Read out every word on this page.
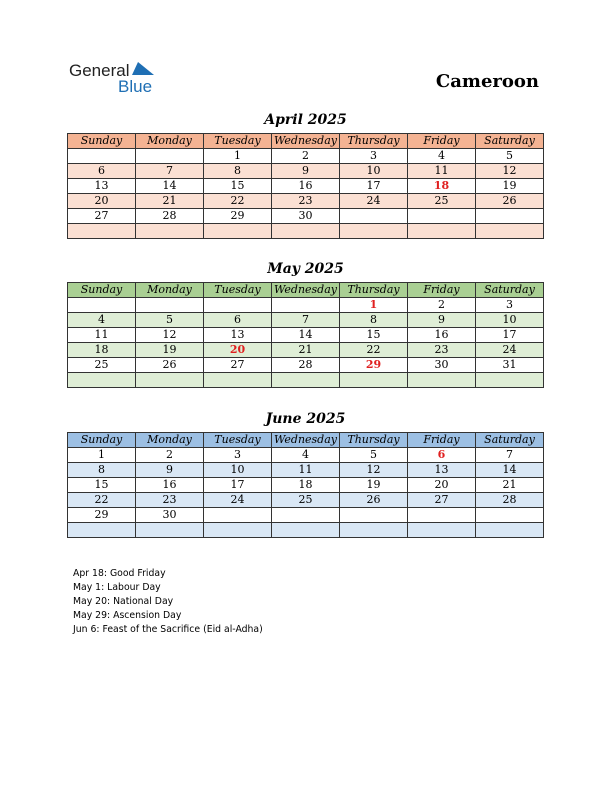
General
Blue	Cameroon
April 2025
Sunday	Monday	Tuesday	Wednesday	Thursday	Friday	Saturday
		1	2	3	4	5
6	7	8	9	10	11	12
13	14	15	16	17	18	19
20	21	22	23	24	25	26
27	28	29	30			

May 2025
Sunday	Monday	Tuesday	Wednesday	Thursday	Friday	Saturday
				1	2	3
4	5	6	7	8	9	10
11	12	13	14	15	16	17
18	19	20	21	22	23	24
25	26	27	28	29	30	31

June 2025
Sunday	Monday	Tuesday	Wednesday	Thursday	Friday	Saturday
1	2	3	4	5	6	7
8	9	10	11	12	13	14
15	16	17	18	19	20	21
22	23	24	25	26	27	28
29	30					

Apr 18: Good Friday
May 1: Labour Day
May 20: National Day
May 29: Ascension Day
Jun 6: Feast of the Sacrifice (Eid al-Adha)
